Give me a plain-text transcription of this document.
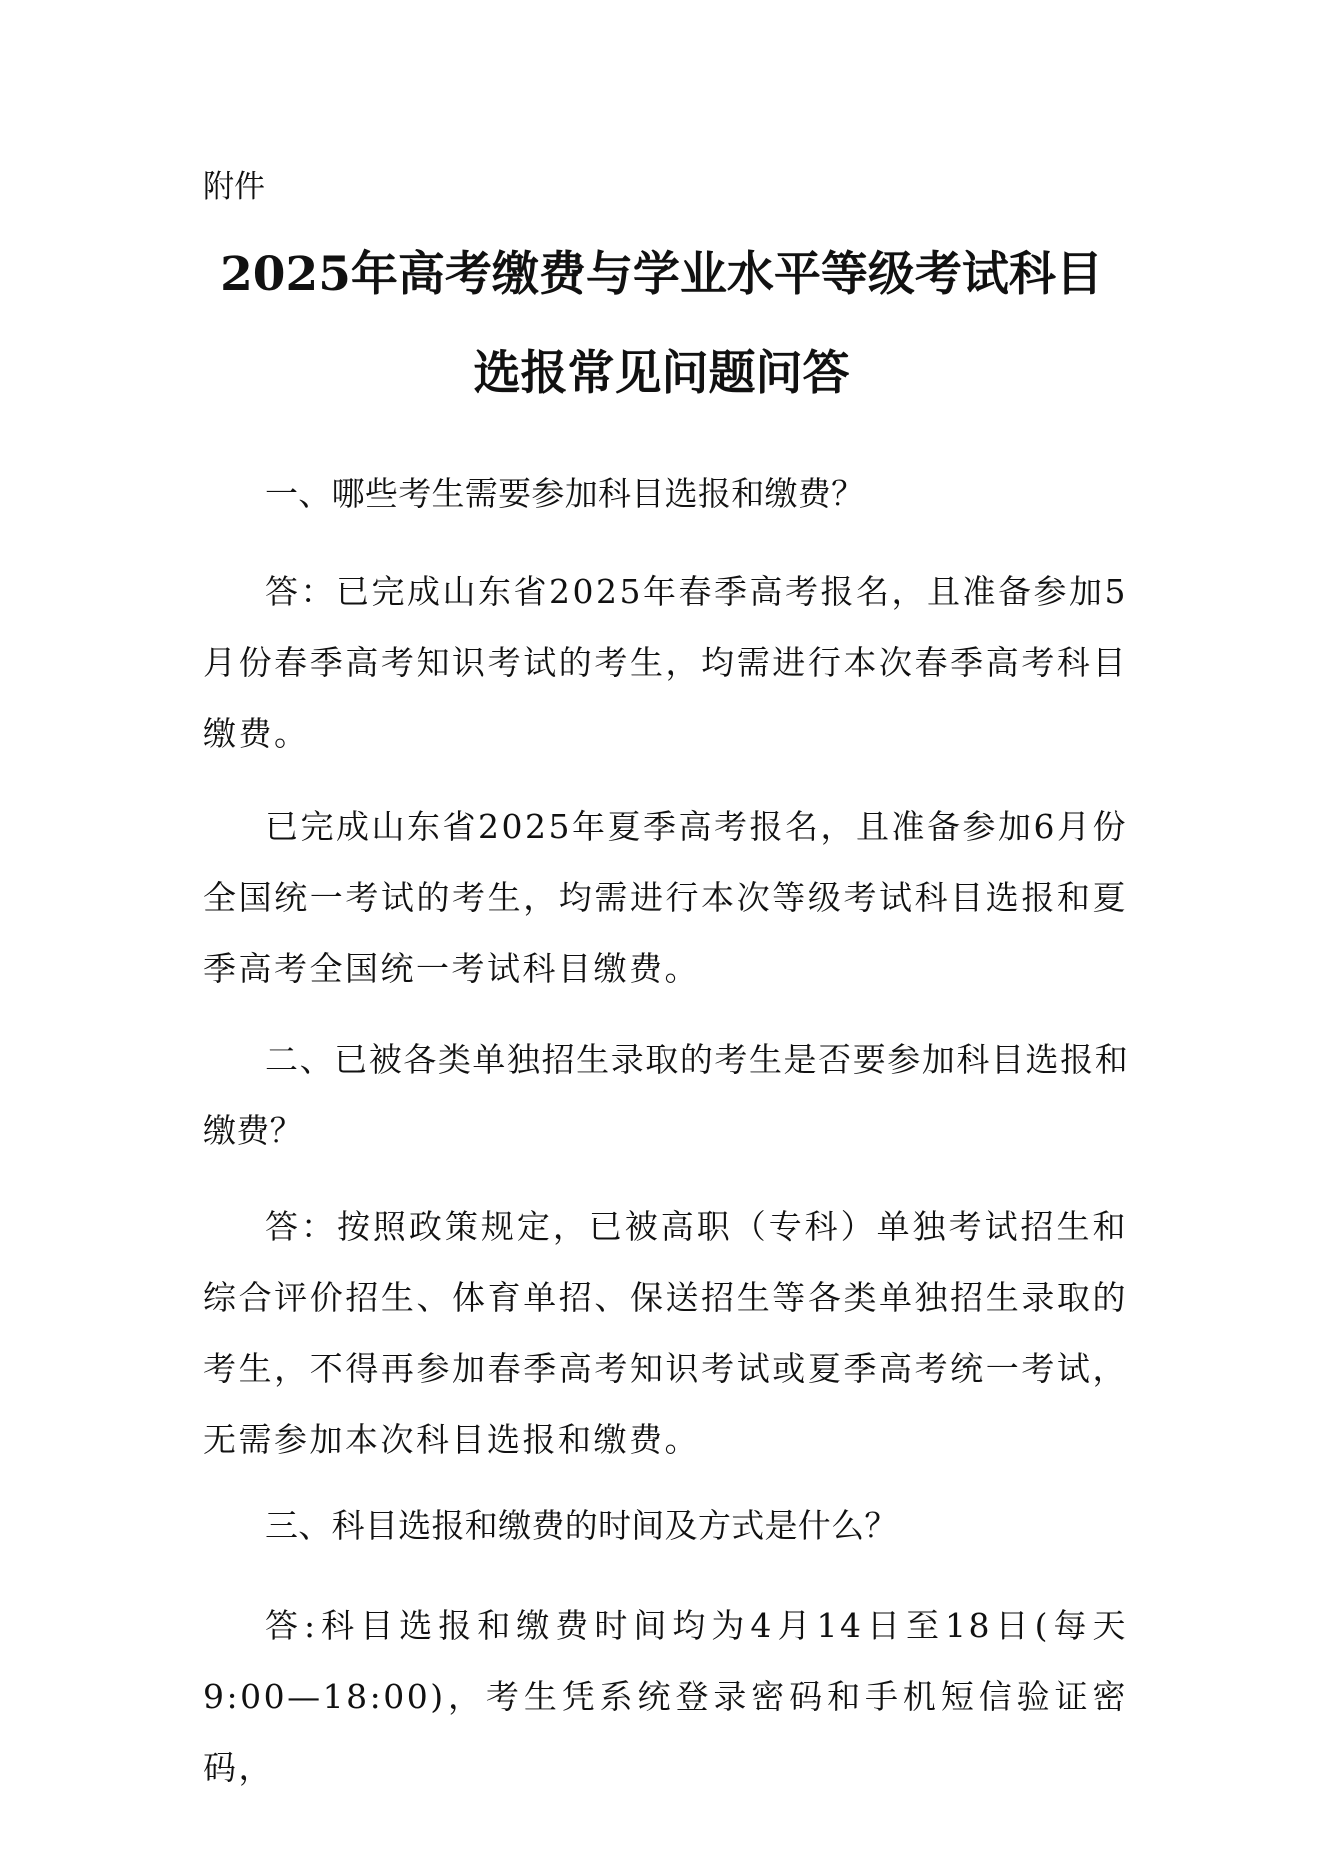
附件
2025年高考缴费与学业水平等级考试科目
选报常见问题问答

一、哪些考生需要参加科目选报和缴费？

答：已完成山东省2025年春季高考报名，且准备参加5月份春季高考知识考试的考生，均需进行本次春季高考科目缴费。

已完成山东省2025年夏季高考报名，且准备参加6月份全国统一考试的考生，均需进行本次等级考试科目选报和夏季高考全国统一考试科目缴费。

二、已被各类单独招生录取的考生是否要参加科目选报和缴费？

答：按照政策规定，已被高职（专科）单独考试招生和综合评价招生、体育单招、保送招生等各类单独招生录取的考生，不得再参加春季高考知识考试或夏季高考统一考试，无需参加本次科目选报和缴费。

三、科目选报和缴费的时间及方式是什么？

答:科目选报和缴费时间均为4月14日至18日(每天9:00—18:00)，考生凭系统登录密码和手机短信验证密码，
